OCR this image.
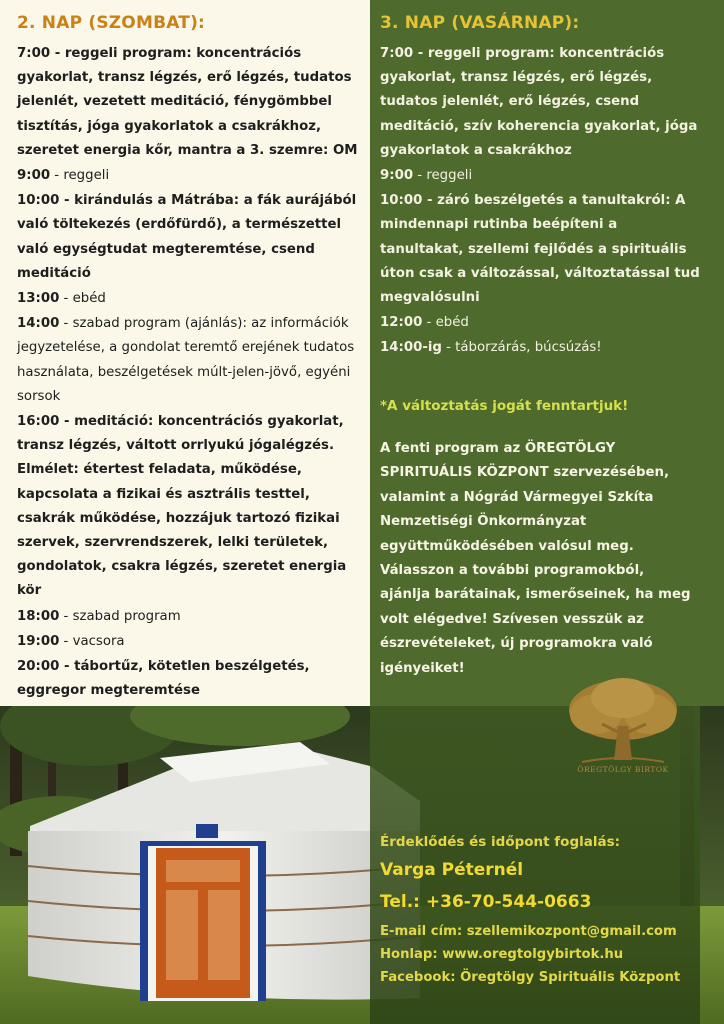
2. NAP (SZOMBAT):
7:00 - reggeli program: koncentrációs gyakorlat, transz légzés, erő légzés, tudatos jelenlét, vezetett meditáció, fénygömbbel tisztítás, jóga gyakorlatok a csakrákhoz, szeretet energia kőr, mantra a 3. szemre: OM
9:00 - reggeli
10:00 - kirándulás a Mátrába: a fák aurájából való töltekezés (erdőfürdő), a természettel való egységtudat megteremtése, csend meditáció
13:00 - ebéd
14:00 - szabad program (ajánlás): az információk jegyzetelése, a gondolat teremtő erejének tudatos használata, beszélgetések múlt-jelen-jövő, egyéni sorsok
16:00 - meditáció: koncentrációs gyakorlat, transz légzés, váltott orrlyukú jógalégzés. Elmélet: étertest feladata, működése, kapcsolata a fizikai és asztrális testtel, csakrák működése, hozzájuk tartozó fizikai szervek, szervrendszerek, lelki területek, gondolatok, csakra légzés, szeretet energia kör
18:00 - szabad program
19:00 - vacsora
20:00 - tábortűz, kötetlen beszélgetés, eggregor megteremtése
3. NAP (VASÁRNAP):
7:00 - reggeli program: koncentrációs gyakorlat, transz légzés, erő légzés, tudatos jelenlét, erő légzés, csend meditáció, szív koherencia gyakorlat, jóga gyakorlatok a csakrákhoz
9:00 - reggeli
10:00 - záró beszélgetés a tanultakról: A mindennapi rutinba beépíteni a tanultakat, szellemi fejlődés a spirituális úton csak a változással, változtatással tud megvalósulni
12:00 - ebéd
14:00-ig - táborzárás, búcsúzás!
*A változtatás jogát fenntartjuk!
A fenti program az ÖREGTÖLGY SPIRITUÁLIS KÖZPONT szervezésében, valamint a Nógrád Vármegyei Szkíta Nemzetiségi Önkormányzat együttműködésében valósul meg. Válasszon a további programokból, ajánlja barátainak, ismerőseinek, ha meg volt elégedve! Szívesen vesszük az észrevételeket, új programokra való igényeiket!
ÖREGTÖLGY BIRTOK
Érdeklődés és időpont foglalás:
Varga Péternél
Tel.: +36-70-544-0663
E-mail cím: szellemikozpont@gmail.com
Honlap: www.oregtolgybirtok.hu
Facebook: Öregtölgy Spirituális Központ
